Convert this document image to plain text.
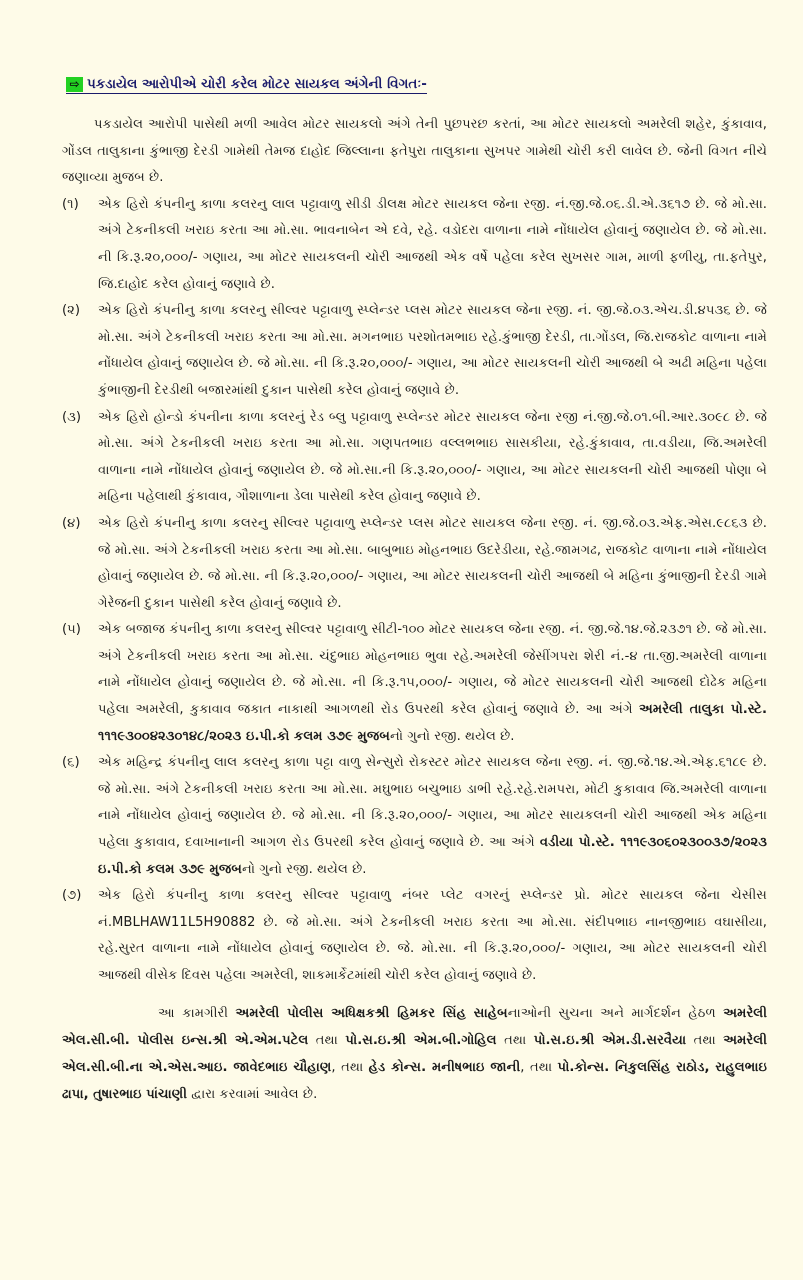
⇨ પકડાયેલ આરોપીએ ચોરી કરેલ મોટર સાયકલ અંગેની વિગતઃ-

પકડાયેલ આરોપી પાસેથી મળી આવેલ મોટર સાયકલો અંગે તેની પુછપરછ કરતાં, આ મોટર સાયકલો અમરેલી શહેર, કુંકાવાવ, ગોંડલ તાલુકાના કુંભાજી દેરડી ગામેથી તેમજ દાહોદ જિલ્લાના ફતેપુરા તાલુકાના સુખપર ગામેથી ચોરી કરી લાવેલ છે. જેની વિગત નીચે જણાવ્યા મુજબ છે.

(૧)	એક હિરો કંપનીનુ કાળા કલરનુ લાલ પટ્ટાવાળુ સીડી ડીલક્ષ મોટર સાયકલ જેના રજી. નં.જી.જે.૦૬.ડી.એ.૩૬૧૭ છે. જે મો.સા. અંગે ટેકનીકલી ખરાઇ કરતા આ મો.સા. ભાવનાબેન એ દવે, રહે. વડોદરા વાળાના નામે નોંધાયેલ હોવાનું જણાયેલ છે. જે મો.સા. ની કિ.રૂ.૨૦,૦૦૦/- ગણાય, આ મોટર સાયકલની ચોરી આજથી એક વર્ષે પહેલા કરેલ સુખસર ગામ, માળી ફળીયુ, તા.ફતેપુર, જિ.દાહોદ કરેલ હોવાનું જણાવે છે.
(૨)	એક હિરો કંપનીનુ કાળા કલરનુ સીલ્વર પટ્ટાવાળુ સ્પ્લેન્ડર પ્લસ મોટર સાયકલ જેના રજી. નં. જી.જે.૦૩.એચ.ડી.૪૫૩૬ છે. જે મો.સા. અંગે ટેકનીકલી ખરાઇ કરતા આ મો.સા. મગનભાઇ પરશોતમભાઇ રહે.કુંભાજી દેરડી, તા.ગોંડલ, જિ.રાજકોટ વાળાના નામે નોંધાયેલ હોવાનું જણાયેલ છે. જે મો.સા. ની કિ.રૂ.૨૦,૦૦૦/- ગણાય, આ મોટર સાયકલની ચોરી આજથી બે અઢી મહિના પહેલા કુંભાજીની દેરડીથી બજારમાંથી દુકાન પાસેથી કરેલ હોવાનું જણાવે છે.
(૩)	એક હિરો હોન્ડો કંપનીના કાળા કલરનું રેડ બ્લુ પટ્ટાવાળુ સ્પ્લેન્ડર મોટર સાયકલ જેના રજી નં.જી.જે.૦૧.બી.આર.૩૦૯૮ છે. જે મો.સા. અંગે ટેકનીકલી ખરાઇ કરતા આ મો.સા. ગણપતભાઇ વલ્લભભાઇ સાસકીયા, રહે.કુંકાવાવ, તા.વડીયા, જિ.અમરેલી વાળાના નામે નોંધાયેલ હોવાનું જણાયેલ છે. જે મો.સા.ની કિ.રૂ.૨૦,૦૦૦/- ગણાય, આ મોટર સાયકલની ચોરી આજથી પોણા બે મહિના પહેલાથી કુંકાવાવ, ગૌશાળાના ડેલા પાસેથી કરેલ હોવાનુ જણાવે છે.
(૪)	એક હિરો કંપનીનુ કાળા કલરનુ સીલ્વર પટ્ટાવાળુ સ્પ્લેન્ડર પ્લસ મોટર સાયકલ જેના રજી. નં. જી.જે.૦૩.એફ.એસ.૯૮૬૩ છે. જે મો.સા. અંગે ટેકનીકલી ખરાઇ કરતા આ મો.સા. બાબુભાઇ મોહનભાઇ ઉદરેડીયા, રહે.જામગઢ, રાજકોટ વાળાના નામે નોંધાયેલ હોવાનું જણાયેલ છે. જે મો.સા. ની કિ.રૂ.૨૦,૦૦૦/- ગણાય, આ મોટર સાયકલની ચોરી આજથી બે મહિના કુંભાજીની દેરડી ગામે ગેરેજની દુકાન પાસેથી કરેલ હોવાનું જણાવે છે.
(૫)	એક બજાજ કંપનીનુ કાળા કલરનુ સીલ્વર પટ્ટાવાળુ સીટી-૧૦૦ મોટર સાયકલ જેના રજી. નં. જી.જે.૧૪.જે.૨૩૭૧ છે. જે મો.સા. અંગે ટેકનીકલી ખરાઇ કરતા આ મો.સા. ચંદુભાઇ મોહનભાઇ ભુવા રહે.અમરેલી જેસીંગપરા શેરી નં.-૪ તા.જી.અમરેલી વાળાના નામે નોંધાયેલ હોવાનું જણાયેલ છે. જે મો.સા. ની કિ.રૂ.૧૫,૦૦૦/- ગણાય, જે મોટર સાયકલની ચોરી આજથી દોઢેક મહિના પહેલા અમરેલી, કુકાવાવ જકાત નાકાથી આગળથી રોડ ઉપરથી કરેલ હોવાનું જણાવે છે. આ અંગે અમરેલી તાલુકા પો.સ્ટે. ૧૧૧૯૩૦૦૪૨૩૦૧૪૮/૨૦૨૩ ઇ.પી.કો કલમ ૩૭૯ મુજબનો ગુનો રજી. થયેલ છે.
(૬)	એક મહિન્દ્ર કંપનીનુ લાલ કલરનુ કાળા પટ્ટા વાળુ સેન્સુરો રોકસ્ટર મોટર સાયકલ જેના રજી. નં. જી.જે.૧૪.એ.એફ.૬૧૮૯ છે. જે મો.સા. અંગે ટેકનીકલી ખરાઇ કરતા આ મો.સા. મઘુભાઇ બચુભાઇ ડાભી રહે.રહે.રામપરા, મોટી કુકાવાવ જિ.અમરેલી વાળાના નામે નોંધાયેલ હોવાનું જણાયેલ છે. જે મો.સા. ની કિ.રૂ.૨૦,૦૦૦/- ગણાય, આ મોટર સાયકલની ચોરી આજથી એક મહિના પહેલા કુકાવાવ, દવાખાનાની આગળ રોડ ઉપરથી કરેલ હોવાનું જણાવે છે. આ અંગે વડીયા પો.સ્ટે. ૧૧૧૯૩૦૬૦૨૩૦૦૩૭/૨૦૨૩ ઇ.પી.કો કલમ ૩૭૯ મુજબનો ગુનો રજી. થયેલ છે.
(૭)	એક હિરો કંપનીનુ કાળા કલરનુ સીલ્વર પટ્ટાવાળુ નંબર પ્લેટ વગરનું સ્પ્લેન્ડર પ્રો. મોટર સાયકલ જેના ચેસીસ નં.MBLHAW11L5H90882 છે. જે મો.સા. અંગે ટેકનીકલી ખરાઇ કરતા આ મો.સા. સંદીપભાઇ નાનજીભાઇ વઘાસીયા, રહે.સુરત વાળાના નામે નોંધાયેલ હોવાનું જણાયેલ છે. જે. મો.સા. ની કિ.રૂ.૨૦,૦૦૦/- ગણાય, આ મોટર સાયકલની ચોરી આજથી વીસેક દિવસ પહેલા અમરેલી, શાકમાર્કેટમાંથી ચોરી કરેલ હોવાનું જણાવે છે.

આ કામગીરી અમરેલી પોલીસ અધિક્ષકશ્રી હિમકર સિંહ સાહેબનાઓની સુચના અને માર્ગદર્શન હેઠળ અમરેલી એલ.સી.બી. પોલીસ ઇન્સ.શ્રી એ.એમ.પટેલ તથા પો.સ.ઇ.શ્રી એમ.બી.ગોહિલ તથા પો.સ.ઇ.શ્રી એમ.ડી.સરવૈયા તથા અમરેલી એલ.સી.બી.ના એ.એસ.આઇ. જાવેદભાઇ ચૌહાણ, તથા હેડ કોન્સ. મનીષભાઇ જાની, તથા પો.કોન્સ. નિકુલસિંહ રાઠોડ, રાહુલભાઇ ઢાપા, તુષારભાઇ પાંચાણી દ્વારા કરવામાં આવેલ છે.
